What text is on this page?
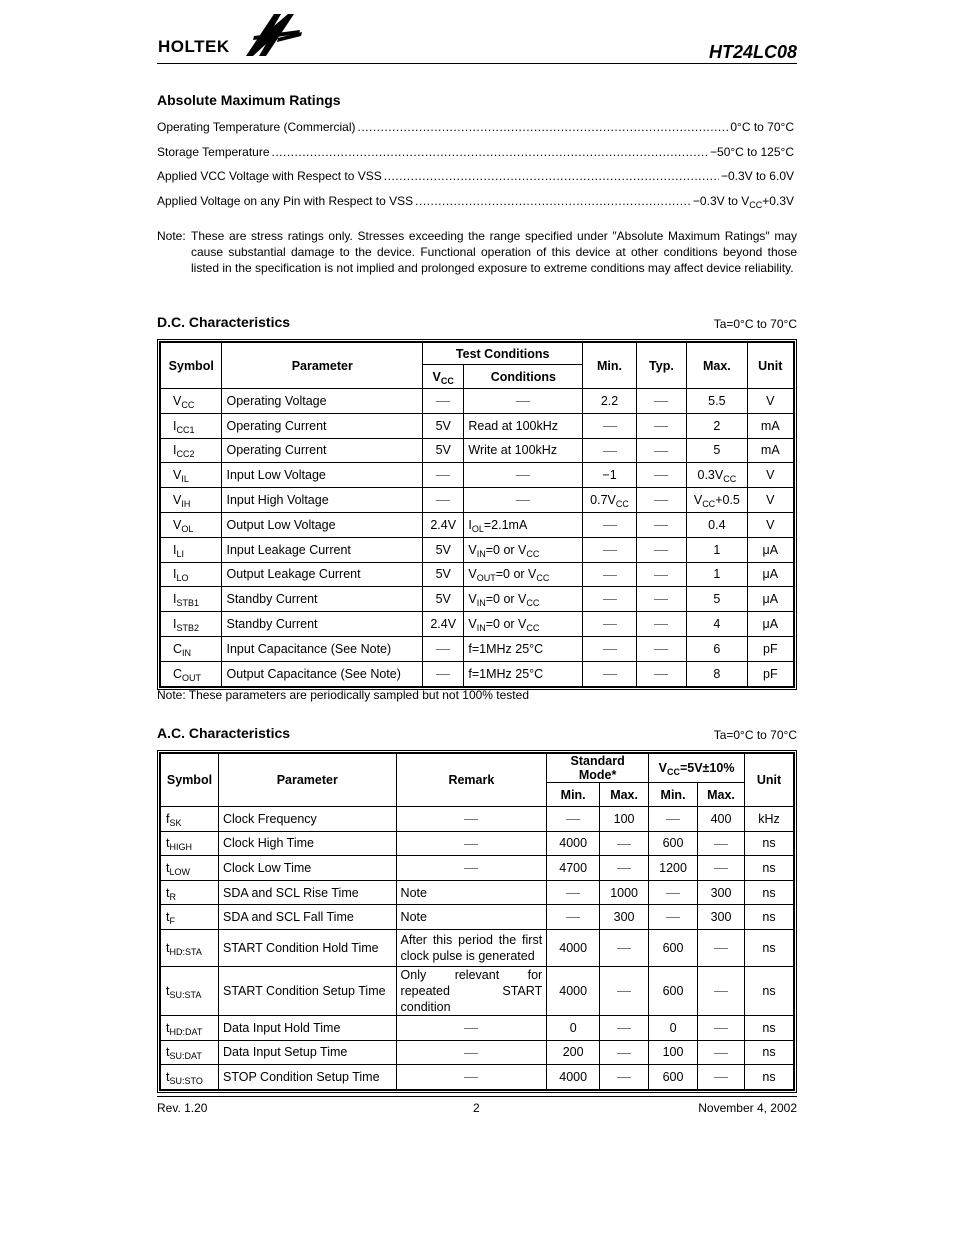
HOLTEK	HT24LC08
Absolute Maximum Ratings
Operating Temperature (Commercial) .....	0°C to 70°C
Storage Temperature .....	−50°C to 125°C
Applied VCC Voltage with Respect to VSS .....	−0.3V to 6.0V
Applied Voltage on any Pin with Respect to VSS .....	−0.3V to $V_{CC}+0.3V$
Note: These are stress ratings only. Stresses exceeding the range specified under ″Absolute Maximum Ratings″ may cause substantial damage to the device. Functional operation of this device at other conditions beyond those listed in the specification is not implied and prolonged exposure to extreme conditions may affect device reliability.
D.C. Characteristics	Ta=0°C to 70°C
Symbol	Parameter	Test Conditions		Min.	Typ.	Max.	Unit
		$V_{CC}$	Conditions				
$V_{CC}$	Operating Voltage			2.2		5.5	V
$I_{CC1}$	Operating Current	5V	Read at 100kHz			2	mA
$I_{CC2}$	Operating Current	5V	Write at 100kHz			5	mA
$V_{IL}$	Input Low Voltage			−1		$0.3V_{CC}$	V
$V_{IH}$	Input High Voltage			$0.7V_{CC}$		$V_{CC}+0.5$	V
$V_{OL}$	Output Low Voltage	2.4V	$I_{OL}=2.1mA$			0.4	V
$I_{LI}$	Input Leakage Current	5V	$V_{IN}=0$ or $V_{CC}$			1	μA
$I_{LO}$	Output Leakage Current	5V	$V_{OUT}=0$ or $V_{CC}$			1	μA
$I_{STB1}$	Standby Current	5V	$V_{IN}=0$ or $V_{CC}$			5	μA
$I_{STB2}$	Standby Current	2.4V	$V_{IN}=0$ or $V_{CC}$			4	μA
$C_{IN}$	Input Capacitance (See Note)		f=1MHz 25°C			6	pF
$C_{OUT}$	Output Capacitance (See Note)		f=1MHz 25°C			8	pF
Note: These parameters are periodically sampled but not 100% tested
A.C. Characteristics	Ta=0°C to 70°C
Symbol	Parameter	Remark	Standard Mode*		$V_{CC}=5V\pm 10\%$		Unit
			Min.	Max.	Min.	Max.	
$f_{SK}$	Clock Frequency			100		400	kHz
$t_{HIGH}$	Clock High Time		4000		600		ns
$t_{LOW}$	Clock Low Time		4700		1200		ns
$t_R$	SDA and SCL Rise Time	Note		1000		300	ns
$t_F$	SDA and SCL Fall Time	Note		300		300	ns
$t_{HD:STA}$	START Condition Hold Time	After this period the first clock pulse is generated	4000		600		ns
$t_{SU:STA}$	START Condition Setup Time	Only relevant for repeated START condition	4000		600		ns
$t_{HD:DAT}$	Data Input Hold Time		0		0		ns
$t_{SU:DAT}$	Data Input Setup Time		200		100		ns
$t_{SU:STO}$	STOP Condition Setup Time		4000		600		ns
Rev. 1.20	2	November 4, 2002
